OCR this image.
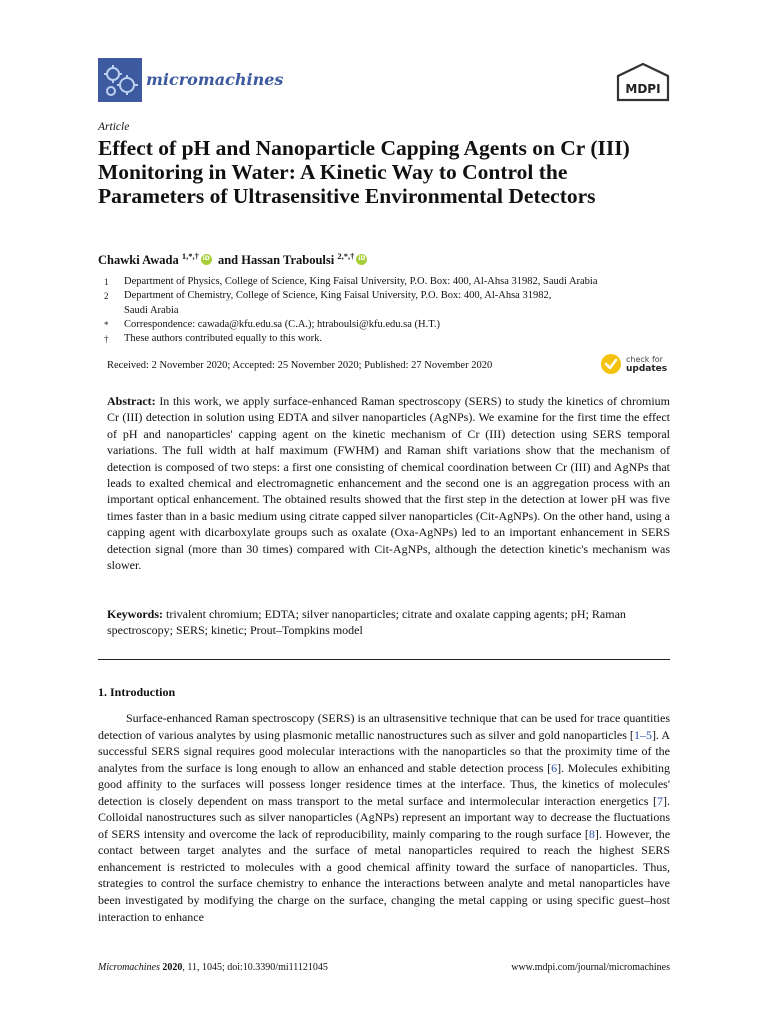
micromachines	MDPI
Article
Effect of pH and Nanoparticle Capping Agents on Cr (III) Monitoring in Water: A Kinetic Way to Control the Parameters of Ultrasensitive Environmental Detectors
Chawki Awada $^{1,*,\dagger}$iD and Hassan Traboulsi $^{2,*,\dagger}$iD
1	Department of Physics, College of Science, King Faisal University, P.O. Box: 400, Al-Ahsa 31982, Saudi Arabia
2	Department of Chemistry, College of Science, King Faisal University, P.O. Box: 400, Al-Ahsa 31982, Saudi Arabia
*	Correspondence: cawada@kfu.edu.sa (C.A.); htraboulsi@kfu.edu.sa (H.T.)
†	These authors contributed equally to this work.
Received: 2 November 2020; Accepted: 25 November 2020; Published: 27 November 2020
check for
updates

Abstract: In this work, we apply surface-enhanced Raman spectroscopy (SERS) to study the kinetics of chromium Cr (III) detection in solution using EDTA and silver nanoparticles (AgNPs). We examine for the first time the effect of pH and nanoparticles' capping agent on the kinetic mechanism of Cr (III) detection using SERS temporal variations. The full width at half maximum (FWHM) and Raman shift variations show that the mechanism of detection is composed of two steps: a first one consisting of chemical coordination between Cr (III) and AgNPs that leads to exalted chemical and electromagnetic enhancement and the second one is an aggregation process with an important optical enhancement. The obtained results showed that the first step in the detection at lower pH was five times faster than in a basic medium using citrate capped silver nanoparticles (Cit-AgNPs). On the other hand, using a capping agent with dicarboxylate groups such as oxalate (Oxa-AgNPs) led to an important enhancement in SERS detection signal (more than 30 times) compared with Cit-AgNPs, although the detection kinetic's mechanism was slower.

Keywords: trivalent chromium; EDTA; silver nanoparticles; citrate and oxalate capping agents; pH; Raman spectroscopy; SERS; kinetic; Prout–Tompkins model

1. Introduction

Surface-enhanced Raman spectroscopy (SERS) is an ultrasensitive technique that can be used for trace quantities detection of various analytes by using plasmonic metallic nanostructures such as silver and gold nanoparticles [1–5]. A successful SERS signal requires good molecular interactions with the nanoparticles so that the proximity time of the analytes from the surface is long enough to allow an enhanced and stable detection process [6]. Molecules exhibiting good affinity to the surfaces will possess longer residence times at the interface. Thus, the kinetics of molecules' detection is closely dependent on mass transport to the metal surface and intermolecular interaction energetics [7]. Colloidal nanostructures such as silver nanoparticles (AgNPs) represent an important way to decrease the fluctuations of SERS intensity and overcome the lack of reproducibility, mainly comparing to the rough surface [8]. However, the contact between target analytes and the surface of metal nanoparticles required to reach the highest SERS enhancement is restricted to molecules with a good chemical affinity toward the surface of nanoparticles. Thus, strategies to control the surface chemistry to enhance the interactions between analyte and metal nanoparticles have been investigated by modifying the charge on the surface, changing the metal capping or using specific guest–host interaction to enhance

Micromachines 2020, 11, 1045; doi:10.3390/mi11121045	www.mdpi.com/journal/micromachines
